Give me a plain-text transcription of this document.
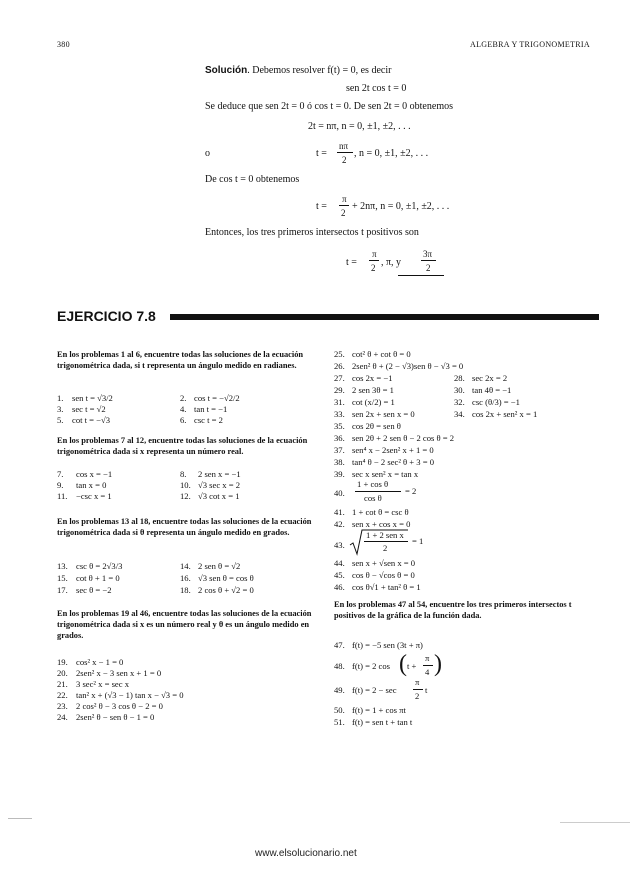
380	ALGEBRA Y TRIGONOMETRIA
Solución. Debemos resolver f(t) = 0, es decir
sen 2t cos t = 0
Se deduce que sen 2t = 0 ó cos t = 0. De sen 2t = 0 obtenemos
2t = nπ, n = 0, ±1, ±2, . . .
o	t =
nπ
2
, n = 0, ±1, ±2, . . .
De cos t = 0 obtenemos
t =
π
2
+ 2nπ, n = 0, ±1, ±2, . . .
Entonces, los tres primeros intersectos t positivos son
t =
π
2 , π, y
3π
2
EJERCICIO 7.8
En los problemas 1 al 6, encuentre todas las soluciones de la ecuación trigonométrica dada, si t representa un ángulo medido en radianes.
1. sen t = √3/2	2. cos t = −√2/2
3. sec t = √2	4. tan t = −1
5. cot t = −√3	6. csc t = 2
En los problemas 7 al 12, encuentre todas las soluciones de la ecuación trigonométrica dada si x representa un número real.
7. cos x = −1	8. 2 sen x = −1
9. tan x = 0	10. √3 sec x = 2
11. −csc x = 1	12. √3 cot x = 1
En los problemas 13 al 18, encuentre todas las soluciones de la ecuación trigonométrica dada si θ representa un ángulo medido en grados.
13. csc θ = 2√3/3	14. 2 sen θ = √2
15. cot θ + 1 = 0	16. √3 sen θ = cos θ
17. sec θ = −2	18. 2 cos θ + √2 = 0
En los problemas 19 al 46, encuentre todas las soluciones de la ecuación trigonométrica dada si x es un número real y θ es un ángulo medido en grados.
19. cos² x − 1 = 0
20. 2sen² x − 3 sen x + 1 = 0
21. 3 sec² x = sec x
22. tan² x + (√3 − 1) tan x − √3 = 0
23. 2 cos² θ − 3 cos θ − 2 = 0
24. 2sen² θ − sen θ − 1 = 0
25. cot² θ + cot θ = 0
26. 2sen² θ + (2 − √3)sen θ − √3 = 0
27. cos 2x = −1	28. sec 2x = 2
29. 2 sen 3θ = 1	30. tan 4θ = −1
31. cot (x/2) = 1	32. csc (θ/3) = −1
33. sen 2x + sen x = 0	34. cos 2x + sen² x = 1
35. cos 2θ = sen θ
36. sen 2θ + 2 sen θ − 2 cos θ = 2
37. sen⁴ x − 2sen² x + 1 = 0
38. tan⁴ θ − 2 sec² θ + 3 = 0
39. sec x sen² x = tan x
40.
1 + cos θ
cos θ
= 2
41. 1 + cot θ = csc θ
42. sen x + cos x = 0
43.
1 + 2 sen x
2
= 1
44. sen x + √sen x = 0
45. cos θ − √cos θ = 0
46. cos θ√1 + tan² θ = 1
En los problemas 47 al 54, encuentre los tres primeros intersectos t positivos de la gráfica de la función dada.
47. f(t) = −5 sen (3t + π)
48. f(t) = 2 cos ( t +
π
4 )
49. f(t) = 2 − sec
π
2
t
50. f(t) = 1 + cos πt
51. f(t) = sen t + tan t
www.elsolucionario.net
